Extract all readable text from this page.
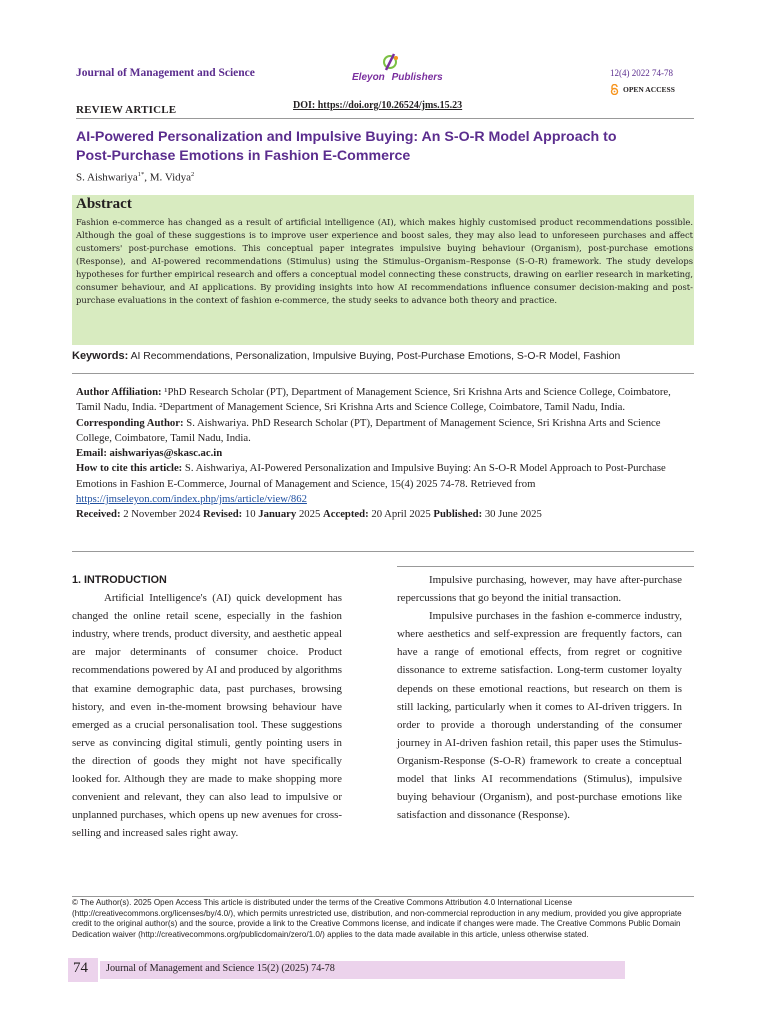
Journal of Management and Science	Eleyon Publishers	12(4) 2022 74-78
OPEN ACCESS
REVIEW ARTICLE	DOI: https://doi.org/10.26524/jms.15.23
AI-Powered Personalization and Impulsive Buying: An S-O-R Model Approach to
Post-Purchase Emotions in Fashion E-Commerce
S. Aishwariya$^{1*}$, M. Vidya$^2$
Abstract
Fashion e-commerce has changed as a result of artificial intelligence (AI), which makes highly customised product recommendations possible. Although the goal of these suggestions is to improve user experience and boost sales, they may also lead to unforeseen purchases and affect customers' post-purchase emotions. This conceptual paper integrates impulsive buying behaviour (Organism), post-purchase emotions (Response), and AI-powered recommendations (Stimulus) using the Stimulus–Organism–Response (S-O-R) framework. The study develops hypotheses for further empirical research and offers a conceptual model connecting these constructs, drawing on earlier research in marketing, consumer behaviour, and AI applications. By providing insights into how AI recommendations influence consumer decision-making and post-purchase evaluations in the context of fashion e-commerce, the study seeks to advance both theory and practice.
Keywords: AI Recommendations, Personalization, Impulsive Buying, Post-Purchase Emotions, S-O-R Model, Fashion

Author Affiliation: ¹PhD Research Scholar (PT), Department of Management Science, Sri Krishna Arts and Science College, Coimbatore, Tamil Nadu, India. ²Department of Management Science, Sri Krishna Arts and Science College, Coimbatore, Tamil Nadu, India.

Corresponding Author: S. Aishwariya. PhD Research Scholar (PT), Department of Management Science, Sri Krishna Arts and Science College, Coimbatore, Tamil Nadu, India.

Email: aishwariyas@skasc.ac.in

How to cite this article: S. Aishwariya, AI-Powered Personalization and Impulsive Buying: An S-O-R Model Approach to Post-Purchase Emotions in Fashion E-Commerce, Journal of Management and Science, 15(4) 2025 74-78. Retrieved from https://jmseleyon.com/index.php/jms/article/view/862

Received: 2 November 2024 Revised: 10 January 2025 Accepted: 20 April 2025 Published: 30 June 2025

1. INTRODUCTION

Artificial Intelligence's (AI) quick development has changed the online retail scene, especially in the fashion industry, where trends, product diversity, and aesthetic appeal are major determinants of consumer choice. Product recommendations powered by AI and produced by algorithms that examine demographic data, past purchases, browsing history, and even in-the-moment browsing behaviour have emerged as a crucial personalisation tool. These suggestions serve as convincing digital stimuli, gently pointing users in the direction of goods they might not have specifically looked for. Although they are made to make shopping more convenient and relevant, they can also lead to impulsive or unplanned purchases, which opens up new avenues for cross-selling and increased sales right away.

Impulsive purchasing, however, may have after-purchase repercussions that go beyond the initial transaction.

Impulsive purchases in the fashion e-commerce industry, where aesthetics and self-expression are frequently factors, can have a range of emotional effects, from regret or cognitive dissonance to extreme satisfaction. Long-term customer loyalty depends on these emotional reactions, but research on them is still lacking, particularly when it comes to AI-driven triggers. In order to provide a thorough understanding of the consumer journey in AI-driven fashion retail, this paper uses the Stimulus-Organism-Response (S-O-R) framework to create a conceptual model that links AI recommendations (Stimulus), impulsive buying behaviour (Organism), and post-purchase emotions like satisfaction and dissonance (Response).

© The Author(s). 2025 Open Access This article is distributed under the terms of the Creative Commons Attribution 4.0 International License (http://creativecommons.org/licenses/by/4.0/), which permits unrestricted use, distribution, and non-commercial reproduction in any medium, provided you give appropriate credit to the original author(s) and the source, provide a link to the Creative Commons license, and indicate if changes were made. The Creative Commons Public Domain Dedication waiver (http://creativecommons.org/publicdomain/zero/1.0/) applies to the data made available in this article, unless otherwise stated.
74 Journal of Management and Science 15(2) (2025) 74-78
